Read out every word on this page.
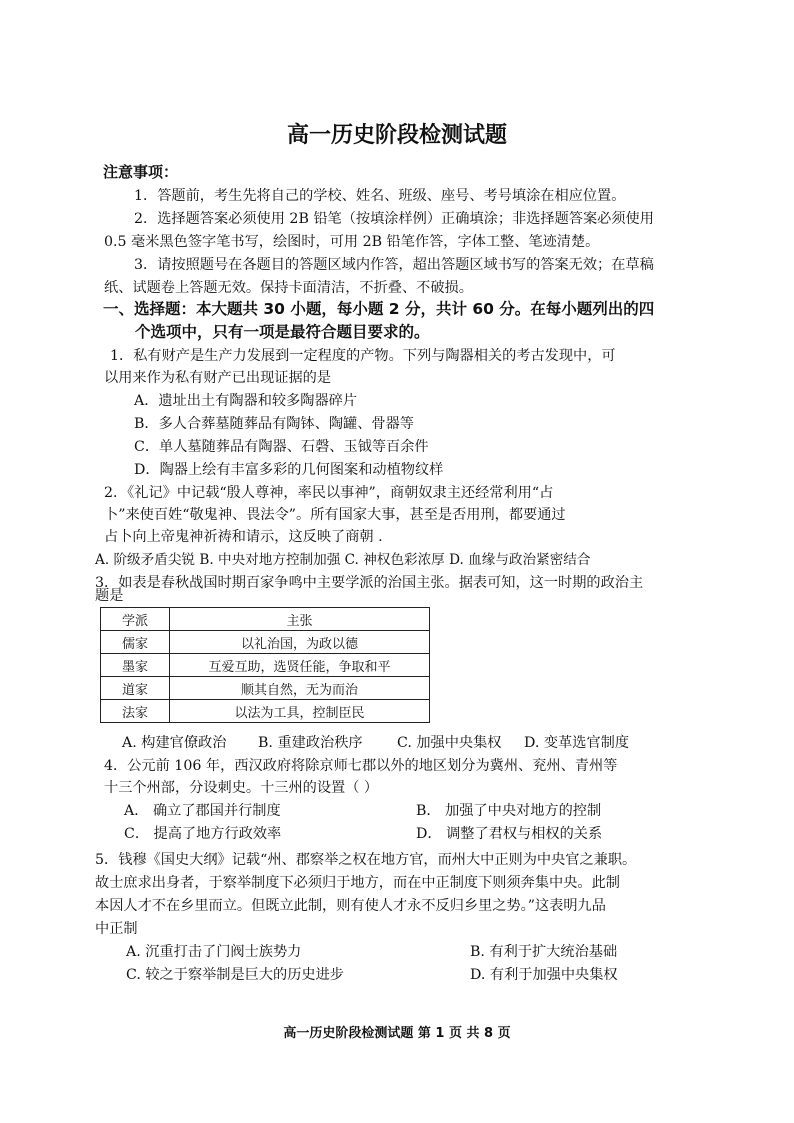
高一历史阶段检测试题
注意事项：
1．答题前，考生先将自己的学校、姓名、班级、座号、考号填涂在相应位置。
2．选择题答案必须使用 2B 铅笔（按填涂样例）正确填涂；非选择题答案必须使用
0.5 毫米黑色签字笔书写，绘图时，可用 2B 铅笔作答，字体工整、笔迹清楚。
3．请按照题号在各题目的答题区域内作答，超出答题区域书写的答案无效；在草稿
纸、试题卷上答题无效。保持卡面清洁，不折叠、不破损。
一、选择题：本大题共 30 小题，每小题 2 分，共计 60 分。在每小题列出的四
个选项中，只有一项是最符合题目要求的。
1．私有财产是生产力发展到一定程度的产物。下列与陶器相关的考古发现中，可
以用来作为私有财产已出现证据的是
A．遗址出土有陶器和较多陶器碎片
B．多人合葬墓随葬品有陶钵、陶罐、骨器等
C．单人墓随葬品有陶器、石磬、玉钺等百余件
D．陶器上绘有丰富多彩的几何图案和动植物纹样
2．《礼记》中记载“殷人尊神，率民以事神”，商朝奴隶主还经常利用“占
卜”来使百姓“敬鬼神、畏法令”。所有国家大事，甚至是否用刑，都要通过
占卜向上帝鬼神祈祷和请示，这反映了商朝 .
A. 阶级矛盾尖锐 B. 中央对地方控制加强 C. 神权色彩浓厚 D. 血缘与政治紧密结合
3．如表是春秋战国时期百家争鸣中主要学派的治国主张。据表可知，这一时期的政治主
题是
学派	主张
儒家	以礼治国，为政以德
墨家	互爱互助，选贤任能，争取和平
道家	顺其自然，无为而治
法家	以法为工具，控制臣民
A. 构建官僚政治 B. 重建政治秩序 C. 加强中央集权 D. 变革选官制度
4．公元前 106 年，西汉政府将除京师七郡以外的地区划分为冀州、兖州、青州等
十三个州部，分设刺史。十三州的设置（ ）
A． 确立了郡国并行制度	B． 加强了中央对地方的控制
C． 提高了地方行政效率	D． 调整了君权与相权的关系
5．钱穆《国史大纲》记载“州、郡察举之权在地方官，而州大中正则为中央官之兼职。
故士庶求出身者，于察举制度下必须归于地方，而在中正制度下则须奔集中央。此制
本因人才不在乡里而立。但既立此制，则有使人才永不反归乡里之势。”这表明九品
中正制
A. 沉重打击了门阀士族势力	B. 有利于扩大统治基础
C. 较之于察举制是巨大的历史进步	D. 有利于加强中央集权
高一历史阶段检测试题 第 1 页 共 8 页
